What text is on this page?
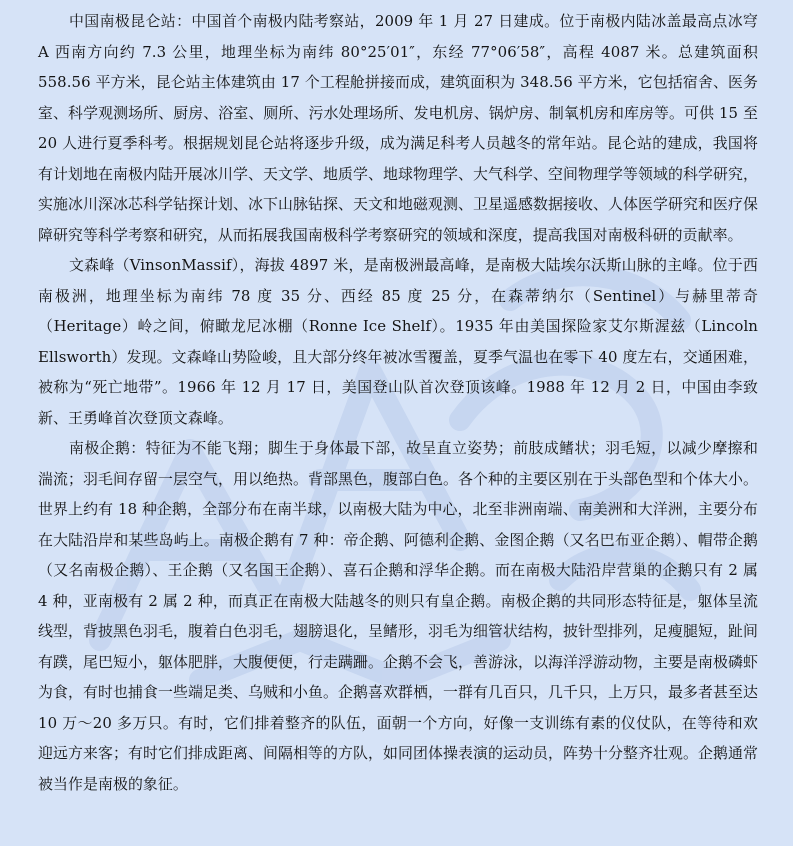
中国南极昆仑站：中国首个南极内陆考察站，2009 年 1 月 27 日建成。位于南极内陆冰盖最高点冰穹 A 西南方向约 7.3 公里，地理坐标为南纬 80°25′01″，东经 77°06′58″，高程 4087 米。总建筑面积 558.56 平方米，昆仑站主体建筑由 17 个工程舱拼接而成，建筑面积为 348.56 平方米，它包括宿舍、医务室、科学观测场所、厨房、浴室、厕所、污水处理场所、发电机房、锅炉房、制氧机房和库房等。可供 15 至 20 人进行夏季科考。根据规划昆仑站将逐步升级，成为满足科考人员越冬的常年站。昆仑站的建成，我国将有计划地在南极内陆开展冰川学、天文学、地质学、地球物理学、大气科学、空间物理学等领域的科学研究，实施冰川深冰芯科学钻探计划、冰下山脉钻探、天文和地磁观测、卫星遥感数据接收、人体医学研究和医疗保障研究等科学考察和研究，从而拓展我国南极科学考察研究的领域和深度，提高我国对南极科研的贡献率。

文森峰（VinsonMassif），海拔 4897 米，是南极洲最高峰，是南极大陆埃尔沃斯山脉的主峰。位于西南极洲，地理坐标为南纬 78 度 35 分、西经 85 度 25 分，在森蒂纳尔（Sentinel）与赫里蒂奇（Heritage）岭之间，俯瞰龙尼冰棚（Ronne Ice Shelf）。1935 年由美国探险家艾尔斯渥兹（Lincoln Ellsworth）发现。文森峰山势险峻，且大部分终年被冰雪覆盖，夏季气温也在零下 40 度左右，交通困难，被称为“死亡地带”。1966 年 12 月 17 日，美国登山队首次登顶该峰。1988 年 12 月 2 日，中国由李致新、王勇峰首次登顶文森峰。

南极企鹅：特征为不能飞翔；脚生于身体最下部，故呈直立姿势；前肢成鳍状；羽毛短，以减少摩擦和湍流；羽毛间存留一层空气，用以绝热。背部黑色，腹部白色。各个种的主要区别在于头部色型和个体大小。世界上约有 18 种企鹅，全部分布在南半球，以南极大陆为中心，北至非洲南端、南美洲和大洋洲，主要分布在大陆沿岸和某些岛屿上。南极企鹅有 7 种：帝企鹅、阿德利企鹅、金图企鹅（又名巴布亚企鹅）、帽带企鹅（又名南极企鹅）、王企鹅（又名国王企鹅）、喜石企鹅和浮华企鹅。而在南极大陆沿岸营巢的企鹅只有 2 属 4 种，亚南极有 2 属 2 种，而真正在南极大陆越冬的则只有皇企鹅。南极企鹅的共同形态特征是，躯体呈流线型，背披黑色羽毛，腹着白色羽毛，翅膀退化，呈鳍形，羽毛为细管状结构，披针型排列，足瘦腿短，趾间有蹼，尾巴短小，躯体肥胖，大腹便便，行走蹒跚。企鹅不会飞，善游泳，以海洋浮游动物，主要是南极磷虾为食，有时也捕食一些端足类、乌贼和小鱼。企鹅喜欢群栖，一群有几百只，几千只，上万只，最多者甚至达 10 万～20 多万只。有时，它们排着整齐的队伍，面朝一个方向，好像一支训练有素的仪仗队，在等待和欢迎远方来客；有时它们排成距离、间隔相等的方队，如同团体操表演的运动员，阵势十分整齐壮观。企鹅通常被当作是南极的象征。
